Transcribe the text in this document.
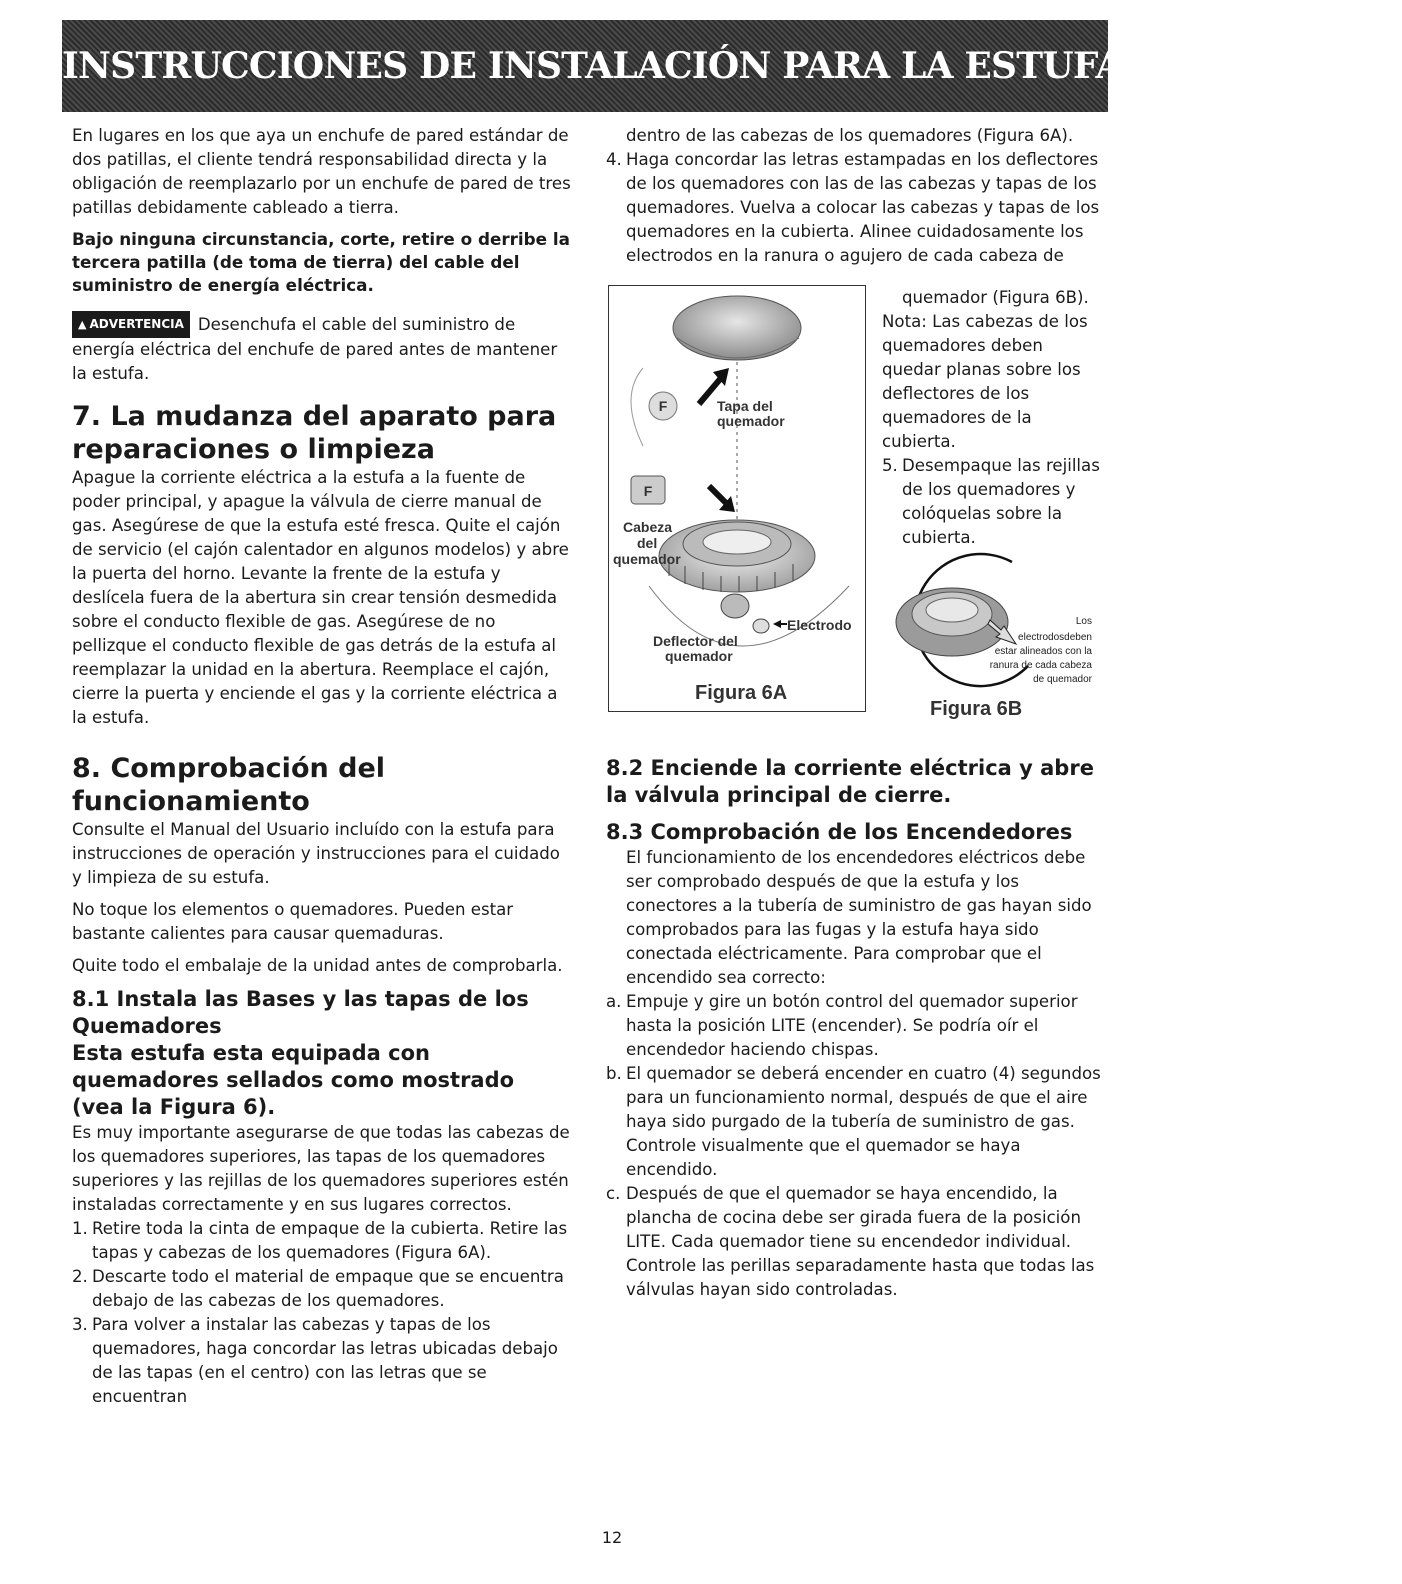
INSTRUCCIONES DE INSTALACIÓN PARA LA ESTUFA A GAS DE 36"

En lugares en los que aya un enchufe de pared estándar de dos patillas, el cliente tendrá responsabilidad directa y la obligación de reemplazarlo por un enchufe de pared de tres patillas debidamente cableado a tierra.

Bajo ninguna circunstancia, corte, retire o derribe la tercera patilla (de toma de tierra) del cable del suministro de energía eléctrica.

▲ ADVERTENCIA Desenchufa el cable del suministro de energía eléctrica del enchufe de pared antes de mantener la estufa.

7. La mudanza del aparato para reparaciones o limpieza

Apague la corriente eléctrica a la estufa a la fuente de poder principal, y apague la válvula de cierre manual de gas. Asegúrese de que la estufa esté fresca. Quite el cajón de servicio (el cajón calentador en algunos modelos) y abre la puerta del horno. Levante la frente de la estufa y deslícela fuera de la abertura sin crear tensión desmedida sobre el conducto flexible de gas. Asegúrese de no pellizque el conducto flexible de gas detrás de la estufa al reemplazar la unidad en la abertura. Reemplace el cajón, cierre la puerta y enciende el gas y la corriente eléctrica a la estufa.

8. Comprobación del funcionamiento

Consulte el Manual del Usuario incluído con la estufa para instrucciones de operación y instrucciones para el cuidado y limpieza de su estufa.

No toque los elementos o quemadores. Pueden estar bastante calientes para causar quemaduras.

Quite todo el embalaje de la unidad antes de comprobarla.

8.1 Instala las Bases y las tapas de los Quemadores
Esta estufa esta equipada con quemadores sellados como mostrado (vea la Figura 6).

Es muy importante asegurarse de que todas las cabezas de los quemadores superiores, las tapas de los quemadores superiores y las rejillas de los quemadores superiores estén instaladas correctamente y en sus lugares correctos.

1. Retire toda la cinta de empaque de la cubierta. Retire las tapas y cabezas de los quemadores (Figura 6A).
2. Descarte todo el material de empaque que se encuentra debajo de las cabezas de los quemadores.
3. Para volver a instalar las cabezas y tapas de los quemadores, haga concordar las letras ubicadas debajo de las tapas (en el centro) con las letras que se encuentran

dentro de las cabezas de los quemadores (Figura 6A).

4. Haga concordar las letras estampadas en los deflectores de los quemadores con las de las cabezas y tapas de los quemadores. Vuelva a colocar las cabezas y tapas de los quemadores en la cubierta. Alinee cuidadosamente los electrodos en la ranura o agujero de cada cabeza de
F	Tapa del
quemador
F
Cabeza
del
quemador
Electrodo
Deflector del
quemador
Figura 6A

quemador (Figura 6B).

Nota: Las cabezas de los quemadores deben quedar planas sobre los deflectores de los quemadores de la cubierta.

5. Desempaque las rejillas de los quemadores y colóquelas sobre la cubierta.
Los
electrodosdeben
estar alineados con la
ranura de cada cabeza
de quemador
Figura 6B
8.2 Enciende la corriente eléctrica y abre la válvula principal de cierre.
8.3 Comprobación de los Encendedores

El funcionamiento de los encendedores eléctricos debe ser comprobado después de que la estufa y los conectores a la tubería de suministro de gas hayan sido comprobados para las fugas y la estufa haya sido conectada eléctricamente. Para comprobar que el encendido sea correcto:

a. Empuje y gire un botón control del quemador superior hasta la posición LITE (encender). Se podría oír el encendedor haciendo chispas.
b. El quemador se deberá encender en cuatro (4) segundos para un funcionamiento normal, después de que el aire haya sido purgado de la tubería de suministro de gas. Controle visualmente que el quemador se haya encendido.
c. Después de que el quemador se haya encendido, la plancha de cocina debe ser girada fuera de la posición LITE. Cada quemador tiene su encendedor individual. Controle las perillas separadamente hasta que todas las válvulas hayan sido controladas.
12
